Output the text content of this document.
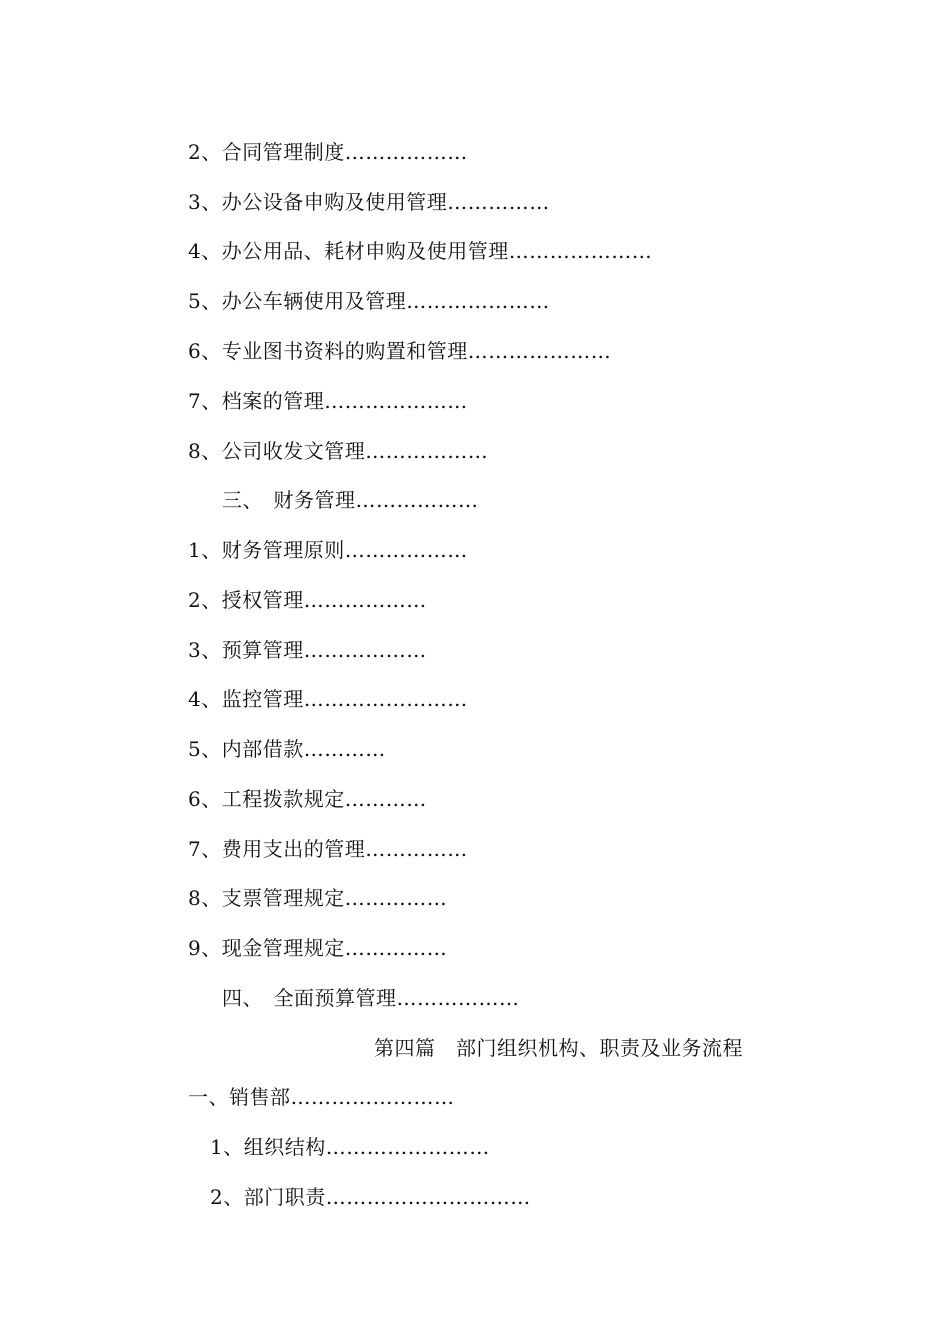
2、合同管理制度………………
3、办公设备申购及使用管理……………
4、办公用品、耗材申购及使用管理…………………
5、办公车辆使用及管理…………………
6、专业图书资料的购置和管理…………………
7、档案的管理…………………
8、公司收发文管理………………
三、　财务管理………………
1、财务管理原则………………
2、授权管理………………
3、预算管理………………
4、监控管理……………………
5、内部借款…………
6、工程拨款规定…………
7、费用支出的管理……………
8、支票管理规定……………
9、现金管理规定……………
四、　全面预算管理………………
第四篇　部门组织机构、职责及业务流程
一、销售部……………………
1、组织结构……………………
2、部门职责…………………………
